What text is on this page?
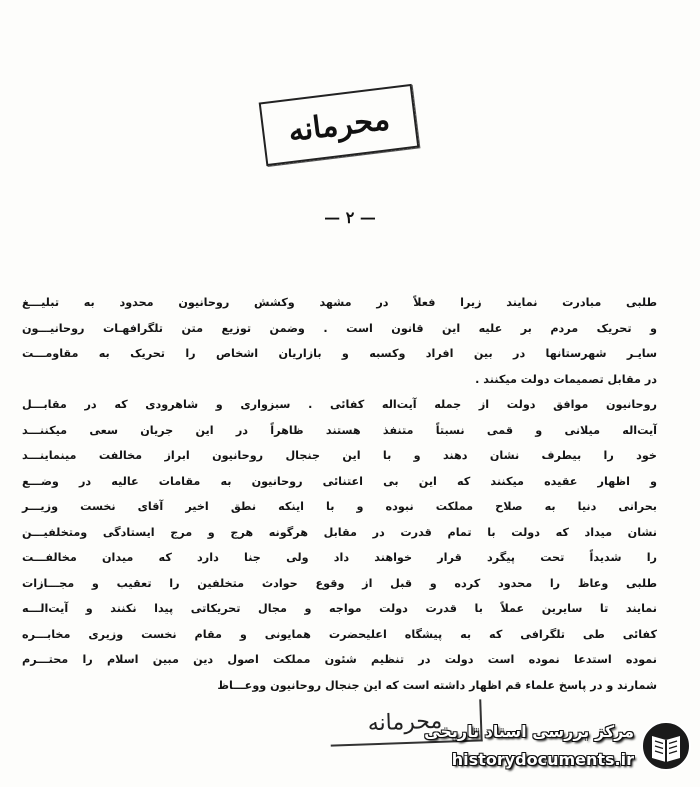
محرمانه
— ۲ —
طلبی مبادرت نمایند زیرا فعلاً در مشهد وکشش روحانیون محدود به تبلیـــغ
و تحریک مردم بر علیه این قانون است . وضمن توزیع متن تلگرافهـات روحانیـــون
سایـر شهرستانها در بین افراد وکسبه و بازاریان اشخاص را تحریک به مقاومـــت
در مقابل تصمیمات دولت میکنند .
روحانیون موافق دولت از جمله آیت‌اله کفائی . سبزواری و شاهرودی که در مقابـــل
آیت‌اله میلانی و قمی نسبتاً متنفذ هستند ظاهراً در این جریان سعی میکننـــد
خود را بیطرف نشان دهند و با این جنجال روحانیون ابراز مخالفت مینماینـــد
و اظهار عقیده میکنند که این بی اعتنائی روحانیون به مقامات عالیه در وضـــع
بحرانی دنیا به صلاح مملکت نبوده و با اینکه نطق اخیر آقای نخست وزیـــر
نشان میداد که دولت با تمام قدرت در مقابل هرگونه هرج و مرج ایستادگی ومتخلفیـــن
را شدیداً تحت پیگرد قرار خواهند داد ولی جنا دارد که میدان مخالفـــت
طلبی وعاظ را محدود کرده و قبل از وقوع حوادث متخلفین را تعقیب و مجـــازات
نمایند تا سایرین عملاً با قدرت دولت مواجه و مجال تحریکاتی پیدا نکنند و آیت‌الـــه
کفائی طی تلگرافی که به پیشگاه اعلیحضرت همایونی و مقام نخست وزیری مخابـــره
نموده استدعا نموده است دولت در تنظیم شئون مملکت اصول دین مبین اسلام را محتـــرم
شمارند و در پاسخ علماء قم اظهار داشته است که این جنجال روحانیون ووعـــاظ
محرمانه
مرکز بررسی اسناد تاریخی
historydocuments.ir
